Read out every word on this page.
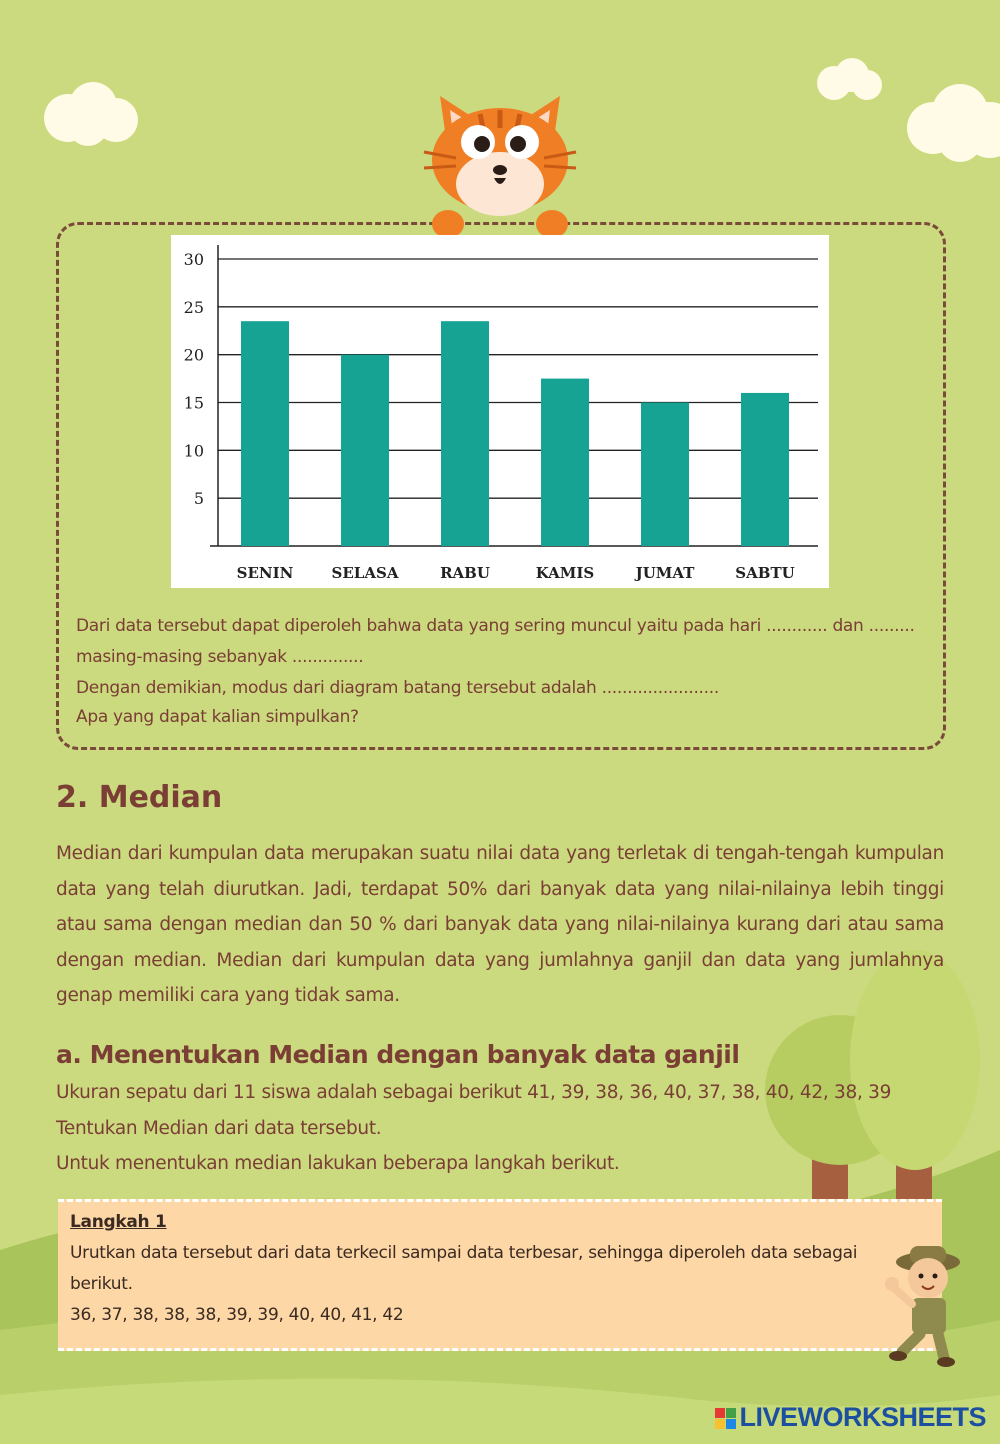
5
10
15
20
25
30
SENIN	SELASA	RABU	KAMIS	JUMAT	SABTU
Dari data tersebut dapat diperoleh bahwa data yang sering muncul yaitu pada hari ............ dan .........
masing-masing sebanyak ..............
Dengan demikian, modus dari diagram batang tersebut adalah .......................
Apa yang dapat kalian simpulkan?
2. Median

Median dari kumpulan data merupakan suatu nilai data yang terletak di tengah-tengah kumpulan data yang telah diurutkan. Jadi, terdapat 50% dari banyak data yang nilai-nilainya lebih tinggi atau sama dengan median dan 50 % dari banyak data yang nilai-nilainya kurang dari atau sama dengan median. Median dari kumpulan data yang jumlahnya ganjil dan data yang jumlahnya genap memiliki cara yang tidak sama.

a. Menentukan Median dengan banyak data ganjil
Ukuran sepatu dari 11 siswa adalah sebagai berikut 41, 39, 38, 36, 40, 37, 38, 40, 42, 38, 39
Tentukan Median dari data tersebut.
Untuk menentukan median lakukan beberapa langkah berikut.
Langkah 1
Urutkan data tersebut dari data terkecil sampai data terbesar, sehingga diperoleh data sebagai
berikut.
36, 37, 38, 38, 38, 39, 39, 40, 40, 41, 42
LIVEWORKSHEETS
